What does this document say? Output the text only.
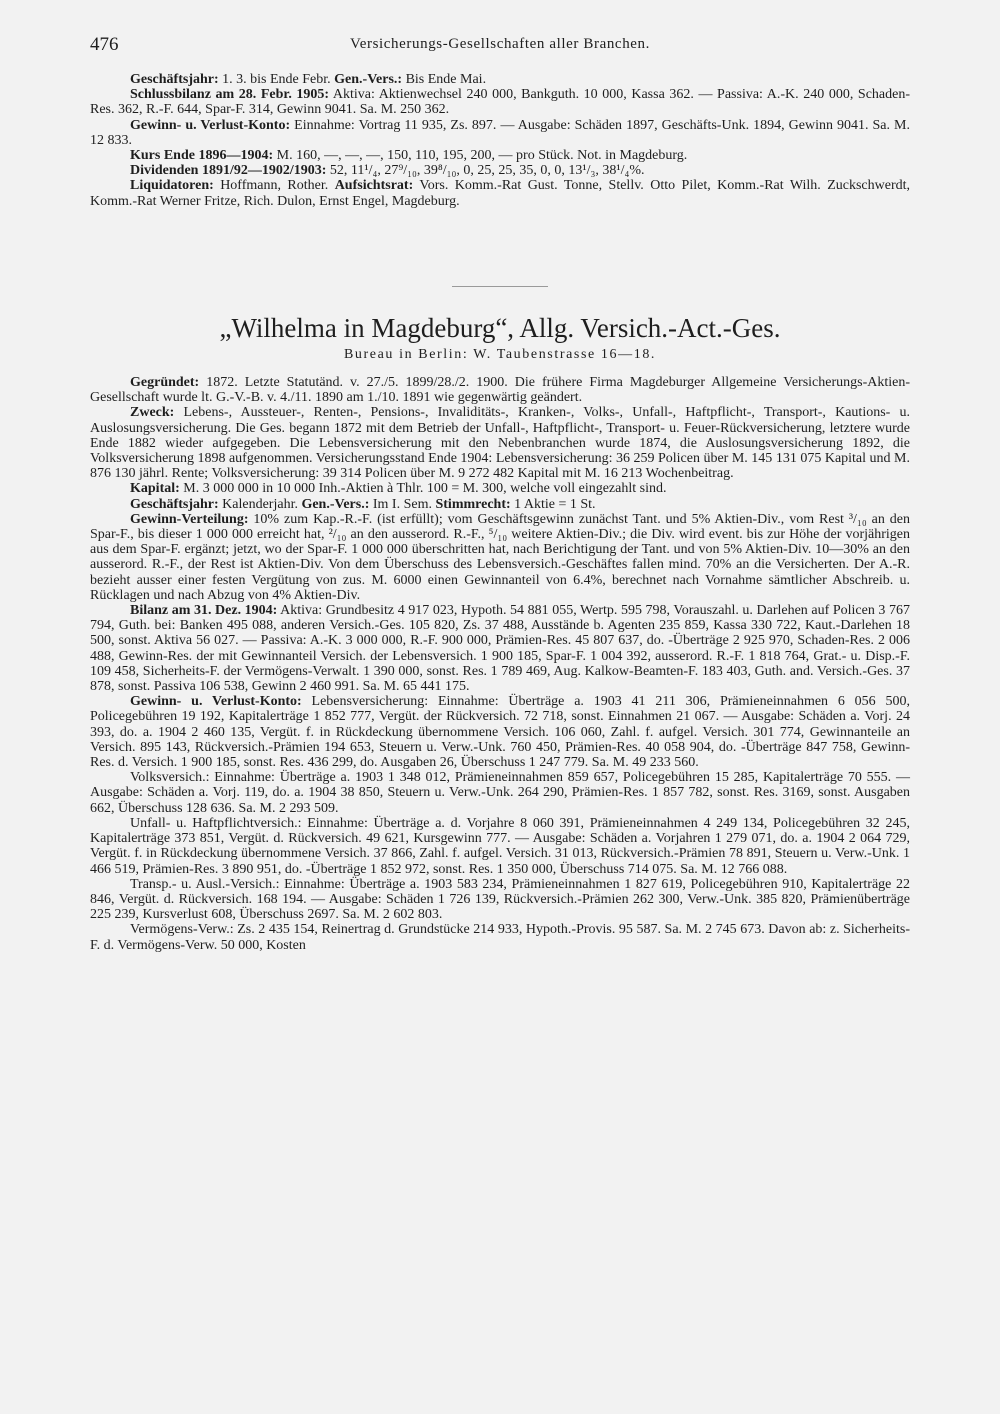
476	Versicherungs-Gesellschaften aller Branchen.

Geschäftsjahr: 1. 3. bis Ende Febr. Gen.-Vers.: Bis Ende Mai.

Schlussbilanz am 28. Febr. 1905: Aktiva: Aktienwechsel 240 000, Bankguth. 10 000, Kassa 362. — Passiva: A.-K. 240 000, Schaden-Res. 362, R.-F. 644, Spar-F. 314, Gewinn 9041. Sa. M. 250 362.

Gewinn- u. Verlust-Konto: Einnahme: Vortrag 11 935, Zs. 897. — Ausgabe: Schäden 1897, Geschäfts-Unk. 1894, Gewinn 9041. Sa. M. 12 833.

Kurs Ende 1896—1904: M. 160, —, —, —, 150, 110, 195, 200, — pro Stück. Not. in Magdeburg.

Dividenden 1891/92—1902/1903: 52, 11¹/₄, 27⁹/₁₀, 39⁸/₁₀, 0, 25, 25, 35, 0, 0, 13¹/₃, 38¹/₄%.

Liquidatoren: Hoffmann, Rother. Aufsichtsrat: Vors. Komm.-Rat Gust. Tonne, Stellv. Otto Pilet, Komm.-Rat Wilh. Zuckschwerdt, Komm.-Rat Werner Fritze, Rich. Dulon, Ernst Engel, Magdeburg.

„Wilhelma in Magdeburg“, Allg. Versich.-Act.-Ges.
Bureau in Berlin: W. Taubenstrasse 16—18.

Gegründet: 1872. Letzte Statutänd. v. 27./5. 1899/28./2. 1900. Die frühere Firma Magdeburger Allgemeine Versicherungs-Aktien-Gesellschaft wurde lt. G.-V.-B. v. 4./11. 1890 am 1./10. 1891 wie gegenwärtig geändert.

Zweck: Lebens-, Aussteuer-, Renten-, Pensions-, Invaliditäts-, Kranken-, Volks-, Unfall-, Haftpflicht-, Transport-, Kautions- u. Auslosungsversicherung. Die Ges. begann 1872 mit dem Betrieb der Unfall-, Haftpflicht-, Transport- u. Feuer-Rückversicherung, letztere wurde Ende 1882 wieder aufgegeben. Die Lebensversicherung mit den Nebenbranchen wurde 1874, die Auslosungsversicherung 1892, die Volksversicherung 1898 aufgenommen. Versicherungsstand Ende 1904: Lebensversicherung: 36 259 Policen über M. 145 131 075 Kapital und M. 876 130 jährl. Rente; Volksversicherung: 39 314 Policen über M. 9 272 482 Kapital mit M. 16 213 Wochenbeitrag.

Kapital: M. 3 000 000 in 10 000 Inh.-Aktien à Thlr. 100 = M. 300, welche voll eingezahlt sind.

Geschäftsjahr: Kalenderjahr. Gen.-Vers.: Im I. Sem. Stimmrecht: 1 Aktie = 1 St.

Gewinn-Verteilung: 10% zum Kap.-R.-F. (ist erfüllt); vom Geschäftsgewinn zunächst Tant. und 5% Aktien-Div., vom Rest ³/₁₀ an den Spar-F., bis dieser 1 000 000 erreicht hat, ²/₁₀ an den ausserord. R.-F., ⁵/₁₀ weitere Aktien-Div.; die Div. wird event. bis zur Höhe der vorjährigen aus dem Spar-F. ergänzt; jetzt, wo der Spar-F. 1 000 000 überschritten hat, nach Berichtigung der Tant. und von 5% Aktien-Div. 10—30% an den ausserord. R.-F., der Rest ist Aktien-Div. Von dem Überschuss des Lebensversich.-Geschäftes fallen mind. 70% an die Versicherten. Der A.-R. bezieht ausser einer festen Vergütung von zus. M. 6000 einen Gewinnanteil von 6.4%, berechnet nach Vornahme sämtlicher Abschreib. u. Rücklagen und nach Abzug von 4% Aktien-Div.

Bilanz am 31. Dez. 1904: Aktiva: Grundbesitz 4 917 023, Hypoth. 54 881 055, Wertp. 595 798, Vorauszahl. u. Darlehen auf Policen 3 767 794, Guth. bei: Banken 495 088, anderen Versich.-Ges. 105 820, Zs. 37 488, Ausstände b. Agenten 235 859, Kassa 330 722, Kaut.-Darlehen 18 500, sonst. Aktiva 56 027. — Passiva: A.-K. 3 000 000, R.-F. 900 000, Prämien-Res. 45 807 637, do. -Überträge 2 925 970, Schaden-Res. 2 006 488, Gewinn-Res. der mit Gewinnanteil Versich. der Lebensversich. 1 900 185, Spar-F. 1 004 392, ausserord. R.-F. 1 818 764, Grat.- u. Disp.-F. 109 458, Sicherheits-F. der Vermögens-Verwalt. 1 390 000, sonst. Res. 1 789 469, Aug. Kalkow-Beamten-F. 183 403, Guth. and. Versich.-Ges. 37 878, sonst. Passiva 106 538, Gewinn 2 460 991. Sa. M. 65 441 175.

Gewinn- u. Verlust-Konto: Lebensversicherung: Einnahme: Überträge a. 1903 41 211 306, Prämieneinnahmen 6 056 500, Policegebühren 19 192, Kapitalerträge 1 852 777, Vergüt. der Rückversich. 72 718, sonst. Einnahmen 21 067. — Ausgabe: Schäden a. Vorj. 24 393, do. a. 1904 2 460 135, Vergüt. f. in Rückdeckung übernommene Versich. 106 060, Zahl. f. aufgel. Versich. 301 774, Gewinnanteile an Versich. 895 143, Rückversich.-Prämien 194 653, Steuern u. Verw.-Unk. 760 450, Prämien-Res. 40 058 904, do. -Überträge 847 758, Gewinn-Res. d. Versich. 1 900 185, sonst. Res. 436 299, do. Ausgaben 26, Überschuss 1 247 779. Sa. M. 49 233 560.

Volksversich.: Einnahme: Überträge a. 1903 1 348 012, Prämieneinnahmen 859 657, Policegebühren 15 285, Kapitalerträge 70 555. — Ausgabe: Schäden a. Vorj. 119, do. a. 1904 38 850, Steuern u. Verw.-Unk. 264 290, Prämien-Res. 1 857 782, sonst. Res. 3169, sonst. Ausgaben 662, Überschuss 128 636. Sa. M. 2 293 509.

Unfall- u. Haftpflichtversich.: Einnahme: Überträge a. d. Vorjahre 8 060 391, Prämieneinnahmen 4 249 134, Policegebühren 32 245, Kapitalerträge 373 851, Vergüt. d. Rückversich. 49 621, Kursgewinn 777. — Ausgabe: Schäden a. Vorjahren 1 279 071, do. a. 1904 2 064 729, Vergüt. f. in Rückdeckung übernommene Versich. 37 866, Zahl. f. aufgel. Versich. 31 013, Rückversich.-Prämien 78 891, Steuern u. Verw.-Unk. 1 466 519, Prämien-Res. 3 890 951, do. -Überträge 1 852 972, sonst. Res. 1 350 000, Überschuss 714 075. Sa. M. 12 766 088.

Transp.- u. Ausl.-Versich.: Einnahme: Überträge a. 1903 583 234, Prämieneinnahmen 1 827 619, Policegebühren 910, Kapitalerträge 22 846, Vergüt. d. Rückversich. 168 194. — Ausgabe: Schäden 1 726 139, Rückversich.-Prämien 262 300, Verw.-Unk. 385 820, Prämienüberträge 225 239, Kursverlust 608, Überschuss 2697. Sa. M. 2 602 803.

Vermögens-Verw.: Zs. 2 435 154, Reinertrag d. Grundstücke 214 933, Hypoth.-Provis. 95 587. Sa. M. 2 745 673. Davon ab: z. Sicherheits-F. d. Vermögens-Verw. 50 000, Kosten
